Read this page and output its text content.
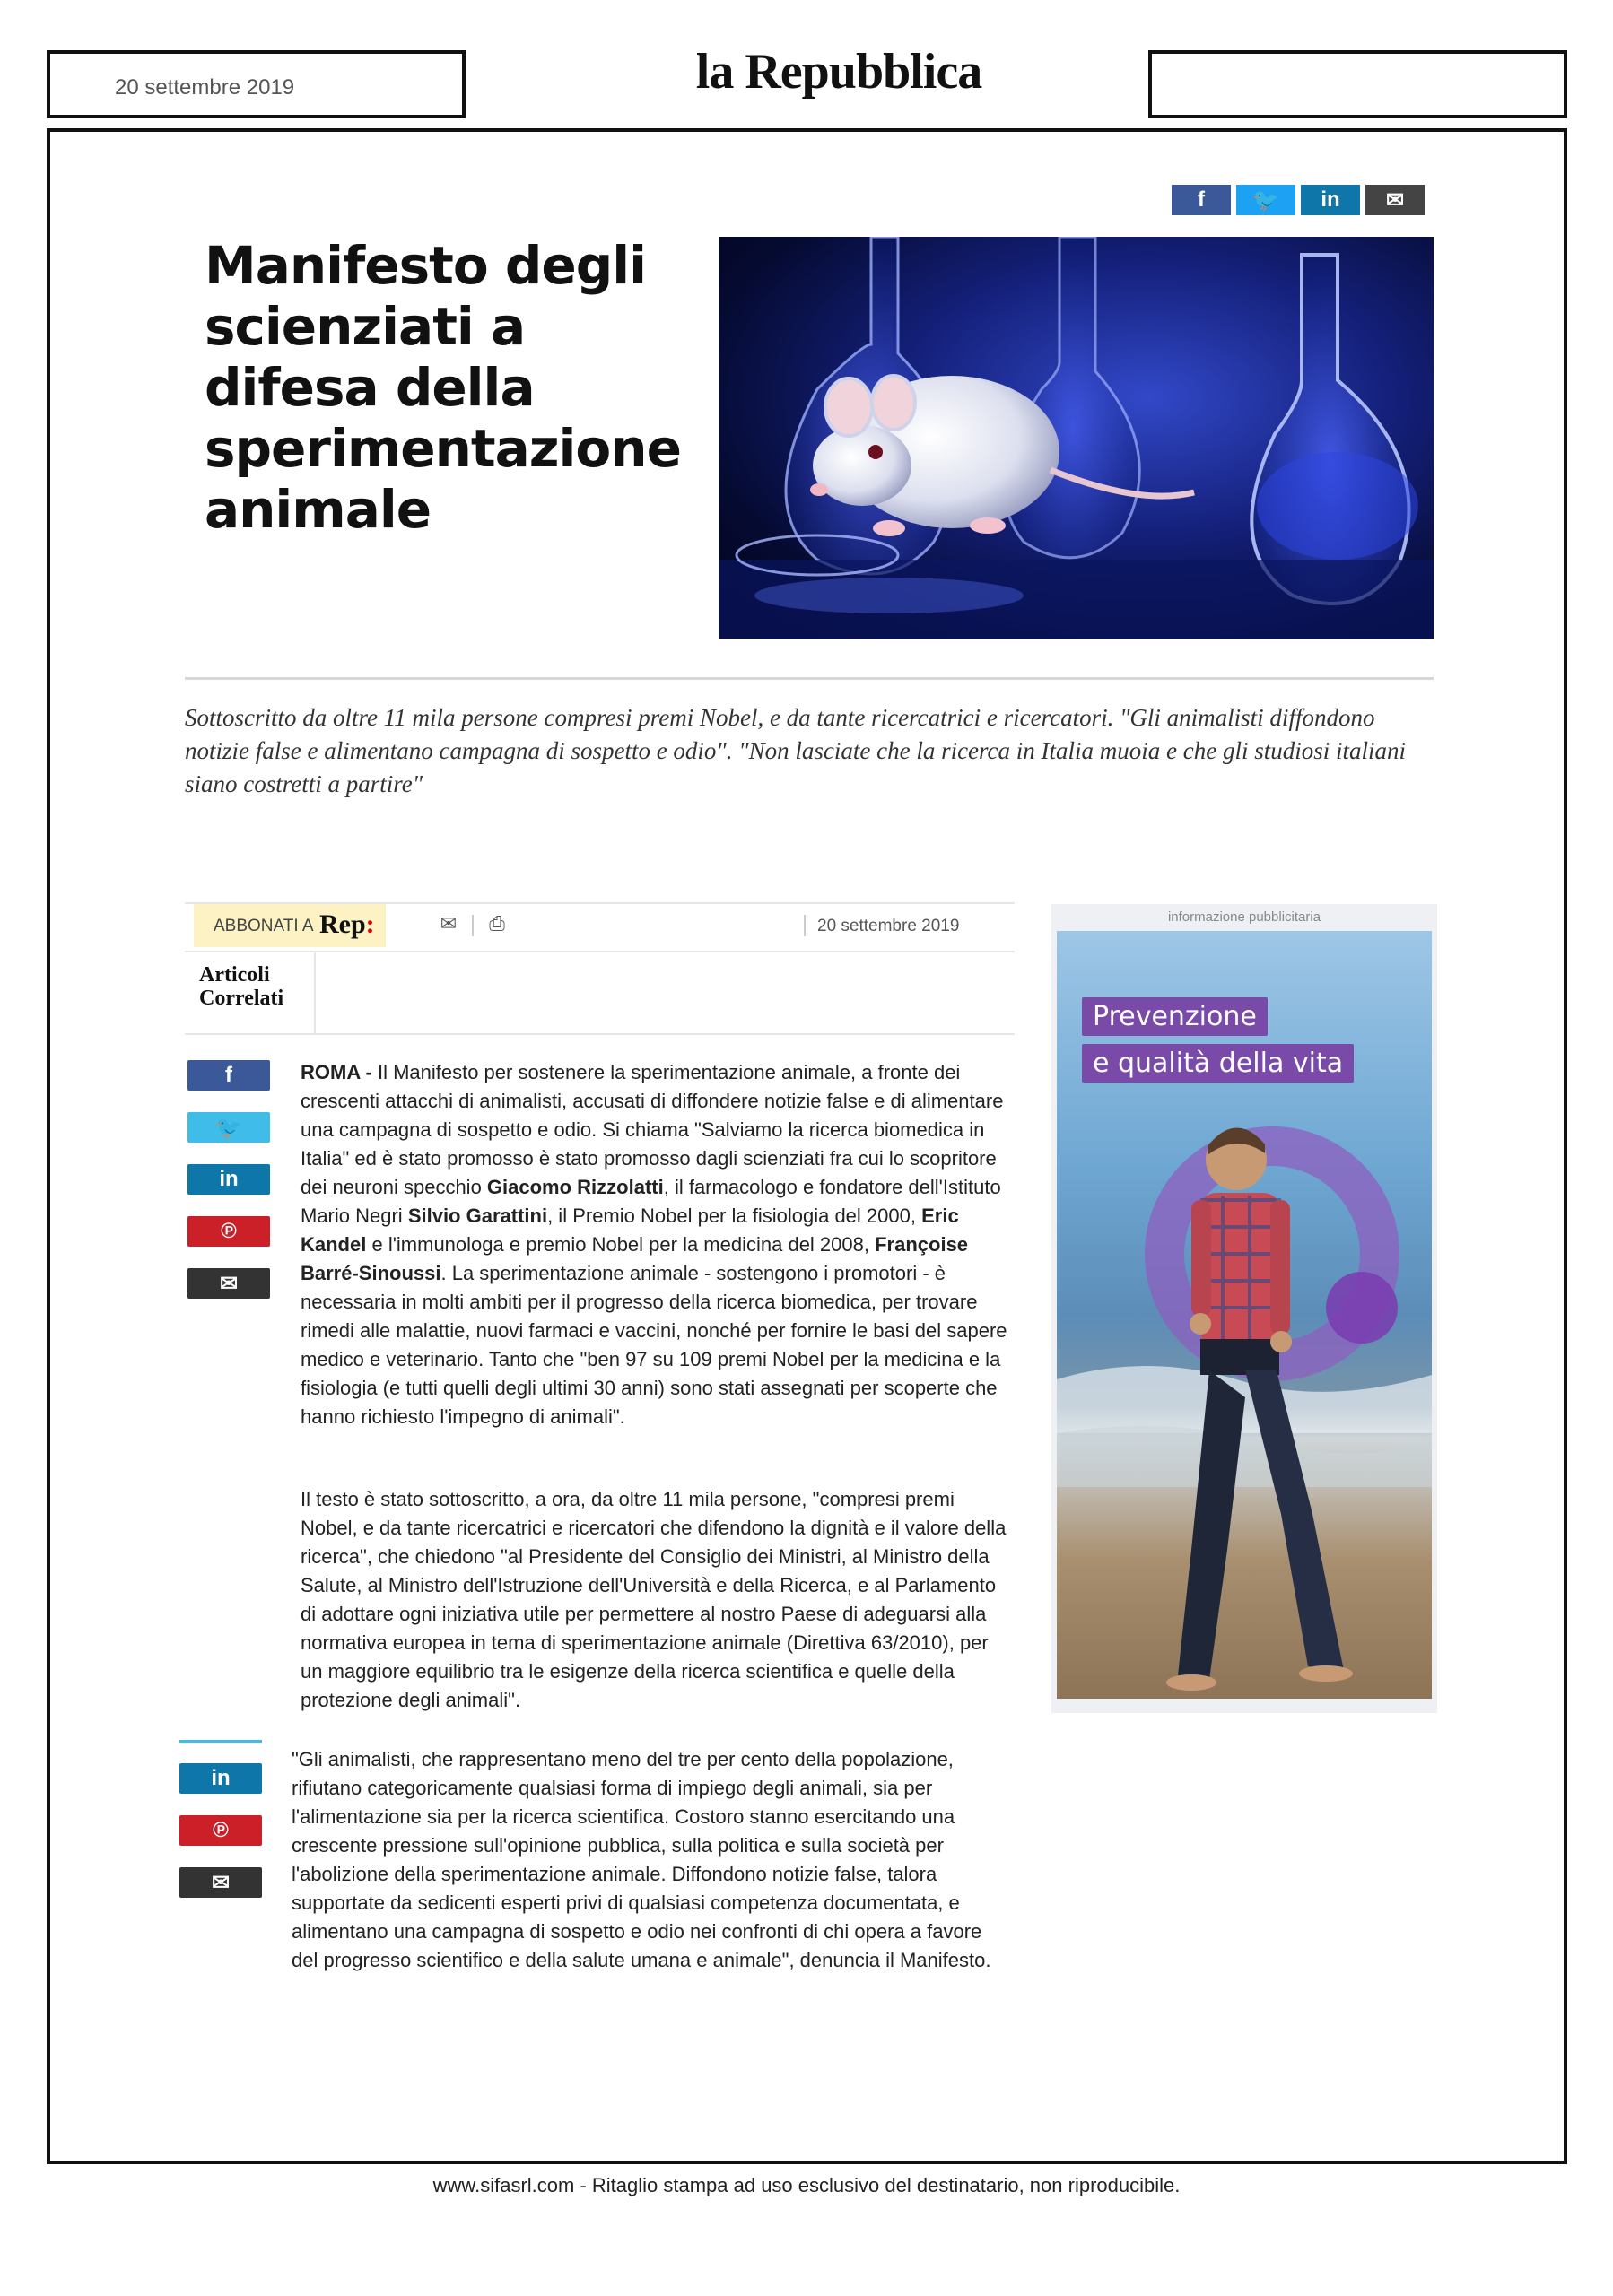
20 settembre 2019	la Repubblica
Manifesto degli scienziati a difesa della sperimentazione animale
Sottoscritto da oltre 11 mila persone compresi premi Nobel, e da tante ricercatrici e ricercatori. "Gli animalisti diffondono notizie false e alimentano campagna di sospetto e odio". "Non lasciate che la ricerca in Italia muoia e che gli studiosi italiani siano costretti a partire"
ABBONATI A Rep:	✉ ⎙	20 settembre 2019
Articoli Correlati
ROMA - Il Manifesto per sostenere la sperimentazione animale, a fronte dei crescenti attacchi di animalisti, accusati di diffondere notizie false e di alimentare una campagna di sospetto e odio. Si chiama "Salviamo la ricerca biomedica in Italia" ed è stato promosso è stato promosso dagli scienziati fra cui lo scopritore dei neuroni specchio Giacomo Rizzolatti, il farmacologo e fondatore dell'Istituto Mario Negri Silvio Garattini, il Premio Nobel per la fisiologia del 2000, Eric Kandel e l'immunologa e premio Nobel per la medicina del 2008, Françoise Barré-Sinoussi. La sperimentazione animale - sostengono i promotori - è necessaria in molti ambiti per il progresso della ricerca biomedica, per trovare rimedi alle malattie, nuovi farmaci e vaccini, nonché per fornire le basi del sapere medico e veterinario. Tanto che "ben 97 su 109 premi Nobel per la medicina e la fisiologia (e tutti quelli degli ultimi 30 anni) sono stati assegnati per scoperte che hanno richiesto l'impegno di animali".
Il testo è stato sottoscritto, a ora, da oltre 11 mila persone, "compresi premi Nobel, e da tante ricercatrici e ricercatori che difendono la dignità e il valore della ricerca", che chiedono "al Presidente del Consiglio dei Ministri, al Ministro della Salute, al Ministro dell'Istruzione dell'Università e della Ricerca, e al Parlamento di adottare ogni iniziativa utile per permettere al nostro Paese di adeguarsi alla normativa europea in tema di sperimentazione animale (Direttiva 63/2010), per un maggiore equilibrio tra le esigenze della ricerca scientifica e quelle della protezione degli animali".
"Gli animalisti, che rappresentano meno del tre per cento della popolazione, rifiutano categoricamente qualsiasi forma di impiego degli animali, sia per l'alimentazione sia per la ricerca scientifica. Costoro stanno esercitando una crescente pressione sull'opinione pubblica, sulla politica e sulla società per l'abolizione della sperimentazione animale. Diffondono notizie false, talora supportate da sedicenti esperti privi di qualsiasi competenza documentata, e alimentano una campagna di sospetto e odio nei confronti di chi opera a favore del progresso scientifico e della salute umana e animale", denuncia il Manifesto.
informazione pubblicitaria
Prevenzione
e qualità della vita
www.sifasrl.com - Ritaglio stampa ad uso esclusivo del destinatario, non riproducibile.
f 🐦 in ✉
f
🐦
in
℗
✉
in
℗
✉
